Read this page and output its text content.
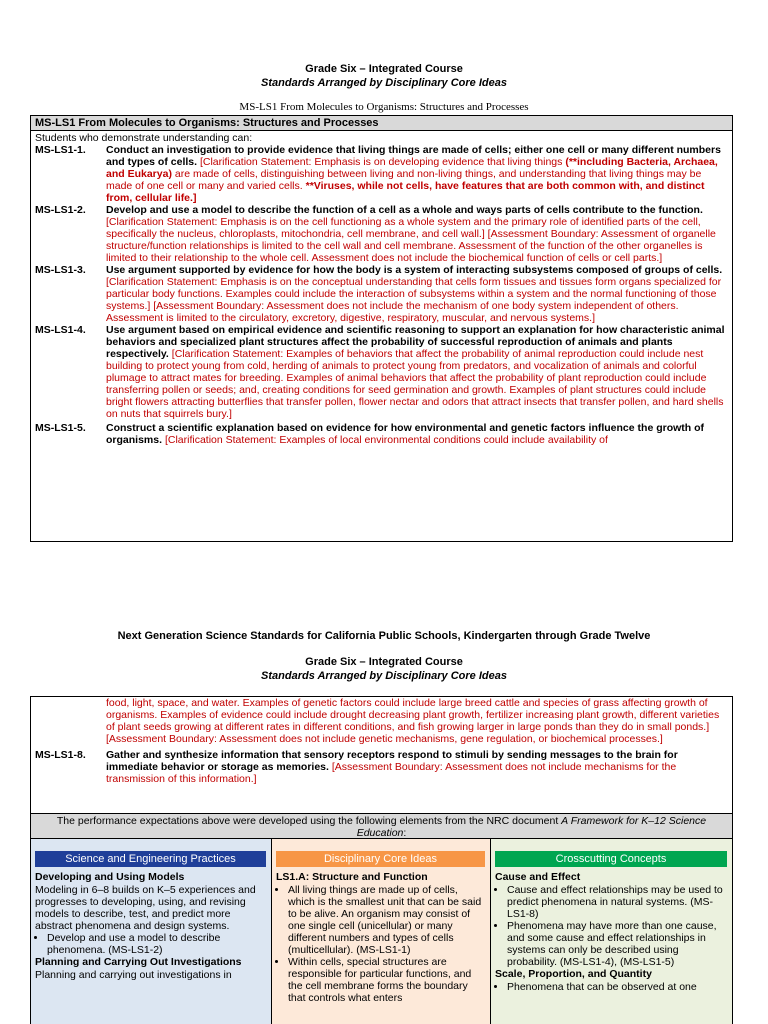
Grade Six – Integrated Course
Standards Arranged by Disciplinary Core Ideas
MS-LS1 From Molecules to Organisms: Structures and Processes
MS-LS1 From Molecules to Organisms: Structures and Processes
Students who demonstrate understanding can:
MS-LS1-1. Conduct an investigation to provide evidence that living things are made of cells; either one cell or many different numbers and types of cells. [Clarification Statement: Emphasis is on developing evidence that living things (**including Bacteria, Archaea, and Eukarya) are made of cells, distinguishing between living and non-living things, and understanding that living things may be made of one cell or many and varied cells. **Viruses, while not cells, have features that are both common with, and distinct from, cellular life.]
MS-LS1-2. Develop and use a model to describe the function of a cell as a whole and ways parts of cells contribute to the function. [Clarification Statement: Emphasis is on the cell functioning as a whole system and the primary role of identified parts of the cell, specifically the nucleus, chloroplasts, mitochondria, cell membrane, and cell wall.] [Assessment Boundary: Assessment of organelle structure/function relationships is limited to the cell wall and cell membrane. Assessment of the function of the other organelles is limited to their relationship to the whole cell. Assessment does not include the biochemical function of cells or cell parts.]
MS-LS1-3. Use argument supported by evidence for how the body is a system of interacting subsystems composed of groups of cells. [Clarification Statement: Emphasis is on the conceptual understanding that cells form tissues and tissues form organs specialized for particular body functions. Examples could include the interaction of subsystems within a system and the normal functioning of those systems.] [Assessment Boundary: Assessment does not include the mechanism of one body system independent of others. Assessment is limited to the circulatory, excretory, digestive, respiratory, muscular, and nervous systems.]
MS-LS1-4. Use argument based on empirical evidence and scientific reasoning to support an explanation for how characteristic animal behaviors and specialized plant structures affect the probability of successful reproduction of animals and plants respectively. [Clarification Statement: Examples of behaviors that affect the probability of animal reproduction could include nest building to protect young from cold, herding of animals to protect young from predators, and vocalization of animals and colorful plumage to attract mates for breeding. Examples of animal behaviors that affect the probability of plant reproduction could include transferring pollen or seeds; and, creating conditions for seed germination and growth. Examples of plant structures could include bright flowers attracting butterflies that transfer pollen, flower nectar and odors that attract insects that transfer pollen, and hard shells on nuts that squirrels bury.]
MS-LS1-5. Construct a scientific explanation based on evidence for how environmental and genetic factors influence the growth of organisms. [Clarification Statement: Examples of local environmental conditions could include availability of
Next Generation Science Standards for California Public Schools, Kindergarten through Grade Twelve
Grade Six – Integrated Course
Standards Arranged by Disciplinary Core Ideas
food, light, space, and water. Examples of genetic factors could include large breed cattle and species of grass affecting growth of organisms. Examples of evidence could include drought decreasing plant growth, fertilizer increasing plant growth, different varieties of plant seeds growing at different rates in different conditions, and fish growing larger in large ponds than they do in small ponds.] [Assessment Boundary: Assessment does not include genetic mechanisms, gene regulation, or biochemical processes.]
MS-LS1-8. Gather and synthesize information that sensory receptors respond to stimuli by sending messages to the brain for immediate behavior or storage as memories. [Assessment Boundary: Assessment does not include mechanisms for the transmission of this information.]
The performance expectations above were developed using the following elements from the NRC document A Framework for K–12 Science Education:
Science and Engineering Practices
Developing and Using Models
Modeling in 6–8 builds on K–5 experiences and progresses to developing, using, and revising models to describe, test, and predict more abstract phenomena and design systems.
• Develop and use a model to describe phenomena. (MS-LS1-2)
Planning and Carrying Out Investigations
Planning and carrying out investigations in
Disciplinary Core Ideas
LS1.A: Structure and Function
• All living things are made up of cells, which is the smallest unit that can be said to be alive. An organism may consist of one single cell (unicellular) or many different numbers and types of cells (multicellular). (MS-LS1-1)
• Within cells, special structures are responsible for particular functions, and the cell membrane forms the boundary that controls what enters
Crosscutting Concepts
Cause and Effect
• Cause and effect relationships may be used to predict phenomena in natural systems. (MS-LS1-8)
• Phenomena may have more than one cause, and some cause and effect relationships in systems can only be described using probability. (MS-LS1-4), (MS-LS1-5)
Scale, Proportion, and Quantity
• Phenomena that can be observed at one
